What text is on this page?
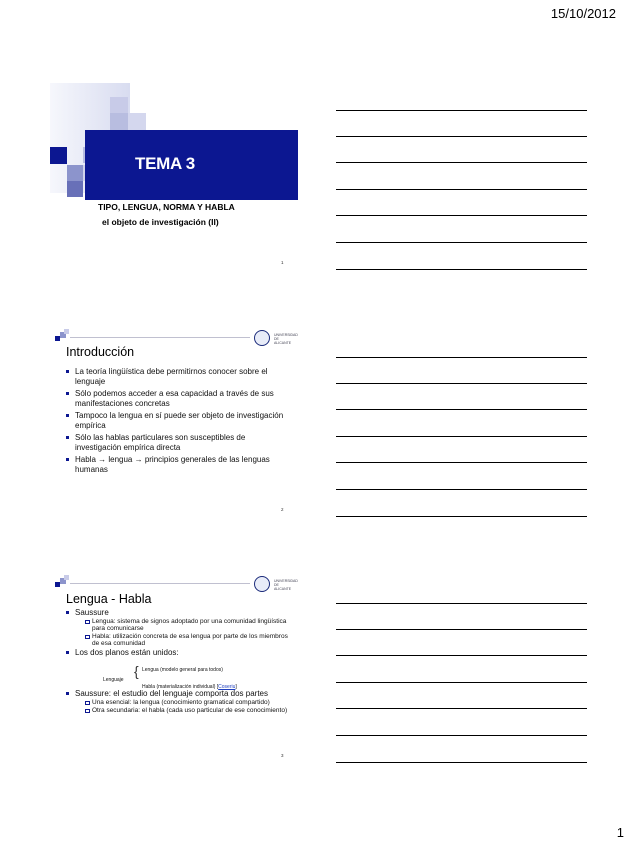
15/10/2012
TEMA 3
TIPO, LENGUA, NORMA Y HABLA
el objeto de investigación (II)
1
UNIVERSIDAD DE ALICANTE
Introducción
La teoría lingüística debe permitirnos conocer sobre el lenguaje
Sólo podemos acceder a esa capacidad a través de sus manifestaciones concretas
Tampoco la lengua en sí puede ser objeto de investigación empírica
Sólo las hablas particulares son susceptibles de investigación empírica directa
Habla → lengua → principios generales de las lenguas humanas
2
UNIVERSIDAD DE ALICANTE
Lengua - Habla
Saussure
Lengua: sistema de signos adoptado por una comunidad lingüística para comunicarse
Habla: utilización concreta de esa lengua por parte de los miembros de esa comunidad
Los dos planos están unidos:
Saussure: el estudio del lenguaje comporta dos partes
Una esencial: la lengua (conocimiento gramatical compartido)
Otra secundaria: el habla (cada uso particular de ese conocimiento)
Lenguaje
{ Lengua (modelo general para todos)
Habla (materialización individual) [Coseriu]
3
1
